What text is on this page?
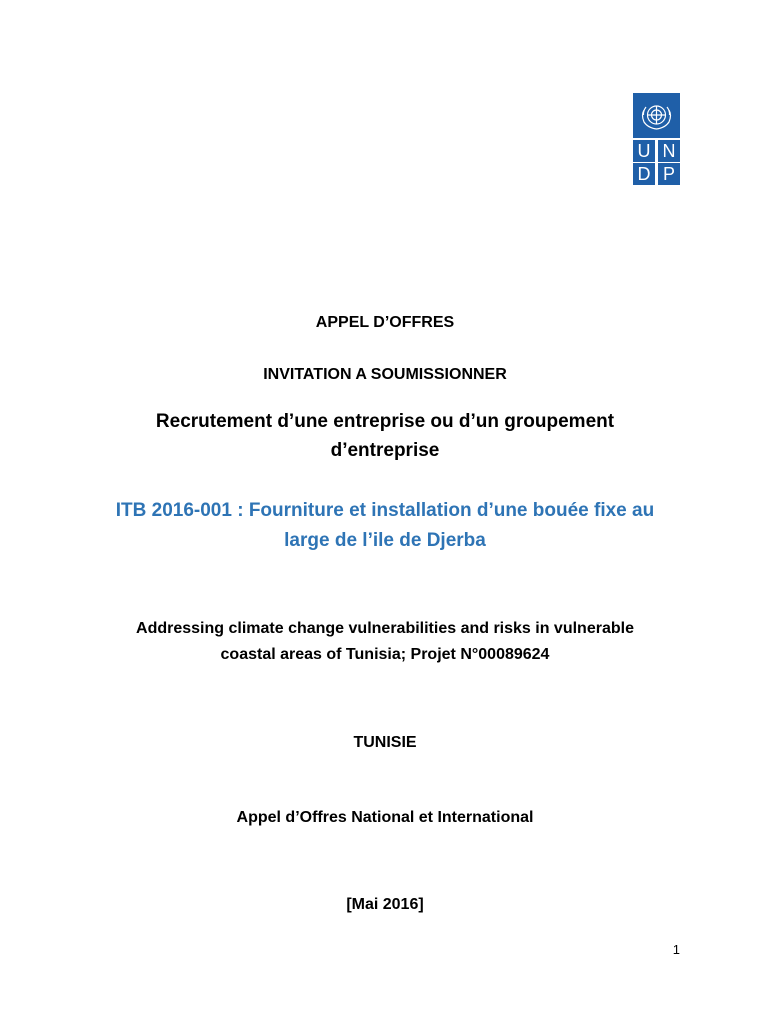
U N
D P
APPEL D’OFFRES
INVITATION A SOUMISSIONNER
Recrutement d’une entreprise ou d’un groupement
d’entreprise
ITB 2016-001 : Fourniture et installation d’une bouée fixe au
large de l’ile de Djerba
Addressing climate change vulnerabilities and risks in vulnerable
coastal areas of Tunisia; Projet N°00089624
TUNISIE
Appel d’Offres National et International
[Mai 2016]
1
